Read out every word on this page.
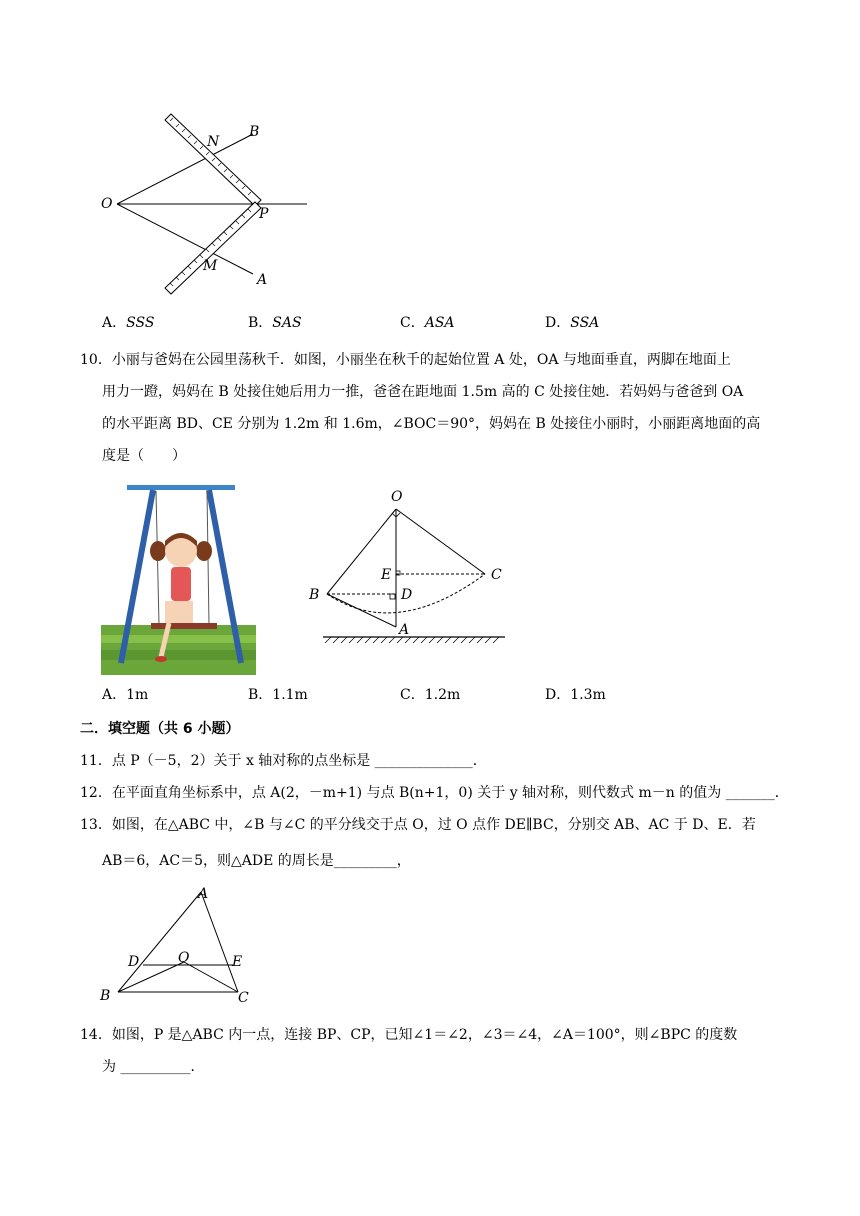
N
B
O
P
M
A
A．SSS	B．SAS	C．ASA	D．SSA
10．小丽与爸妈在公园里荡秋千．如图，小丽坐在秋千的起始位置 A 处，OA 与地面垂直，两脚在地面上
用力一蹬，妈妈在 B 处接住她后用力一推，爸爸在距地面 1.5m 高的 C 处接住她．若妈妈与爸爸到 OA
的水平距离 BD、CE 分别为 1.2m 和 1.6m，∠BOC＝90°，妈妈在 B 处接住小丽时，小丽距离地面的高
度是（　　）
O
E	C
B	D
A
A．1m	B．1.1m	C．1.2m	D．1.3m
二．填空题（共 6 小题）
11．点 P（－5，2）关于 x 轴对称的点坐标是 ______________．
12．在平面直角坐标系中，点 A(2，－m+1) 与点 B(n+1，0) 关于 y 轴对称，则代数式 m－n 的值为 _______．
13．如图，在△ABC 中，∠B 与∠C 的平分线交于点 O，过 O 点作 DE∥BC，分别交 AB、AC 于 D、E．若
AB＝6，AC＝5，则△ADE 的周长是_________，
A
D	O	E
B	C
14．如图，P 是△ABC 内一点，连接 BP、CP，已知∠1＝∠2，∠3＝∠4，∠A＝100°，则∠BPC 的度数
为 __________．
